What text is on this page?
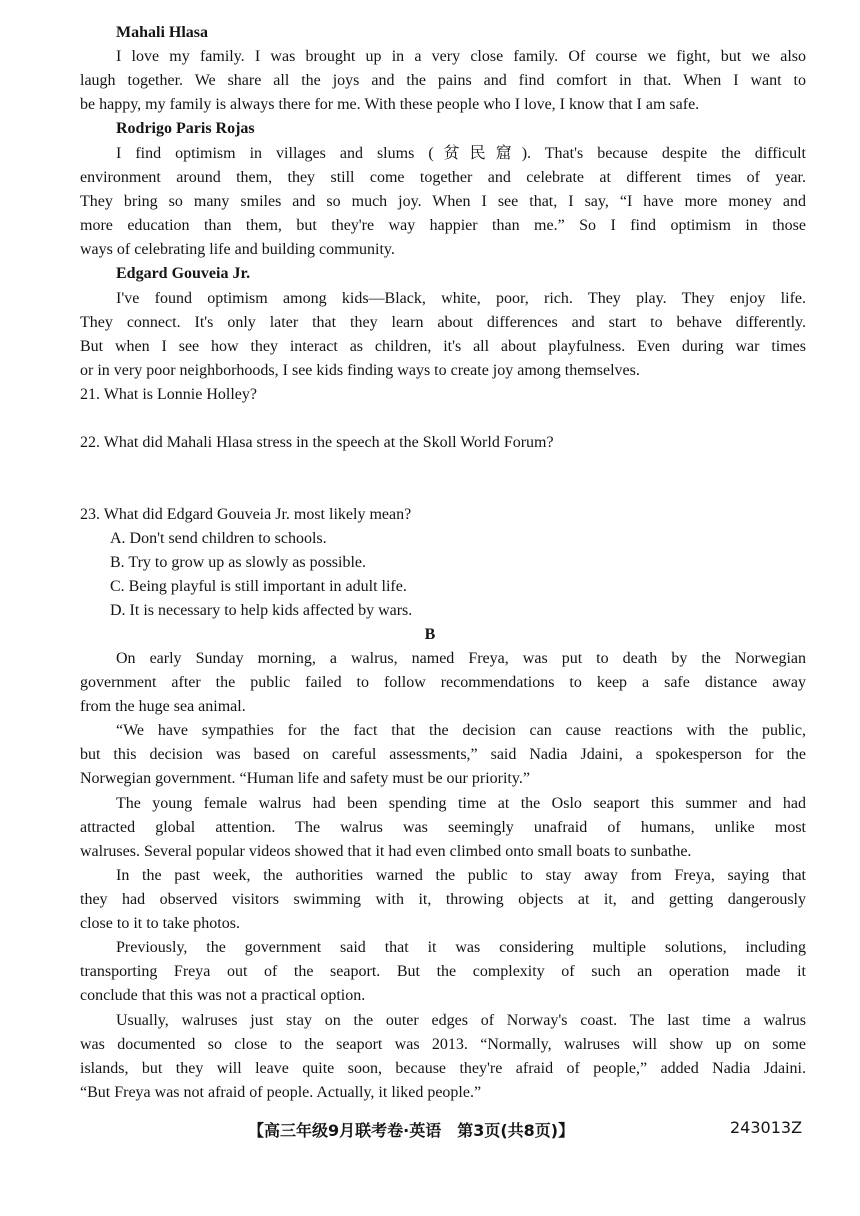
Mahali Hlasa
I love my family. I was brought up in a very close family. Of course we fight, but we also
laugh together. We share all the joys and the pains and find comfort in that. When I want to
be happy, my family is always there for me. With these people who I love, I know that I am safe.
Rodrigo Paris Rojas
I find optimism in villages and slums (贫民窟). That's because despite the difficult
environment around them, they still come together and celebrate at different times of year.
They bring so many smiles and so much joy. When I see that, I say, “I have more money and
more education than them, but they're way happier than me.” So I find optimism in those
ways of celebrating life and building community.
Edgard Gouveia Jr.
I've found optimism among kids—Black, white, poor, rich. They play. They enjoy life.
They connect. It's only later that they learn about differences and start to behave differently.
But when I see how they interact as children, it's all about playfulness. Even during war times
or in very poor neighborhoods, I see kids finding ways to create joy among themselves.
21. What is Lonnie Holley?
22. What did Mahali Hlasa stress in the speech at the Skoll World Forum?
23. What did Edgard Gouveia Jr. most likely mean?
A. Don't send children to schools.
B. Try to grow up as slowly as possible.
C. Being playful is still important in adult life.
D. It is necessary to help kids affected by wars.
B
On early Sunday morning, a walrus, named Freya, was put to death by the Norwegian
government after the public failed to follow recommendations to keep a safe distance away
from the huge sea animal.
“We have sympathies for the fact that the decision can cause reactions with the public,
but this decision was based on careful assessments,” said Nadia Jdaini, a spokesperson for the
Norwegian government. “Human life and safety must be our priority.”
The young female walrus had been spending time at the Oslo seaport this summer and had
attracted global attention. The walrus was seemingly unafraid of humans, unlike most
walruses. Several popular videos showed that it had even climbed onto small boats to sunbathe.
In the past week, the authorities warned the public to stay away from Freya, saying that
they had observed visitors swimming with it, throwing objects at it, and getting dangerously
close to it to take photos.
Previously, the government said that it was considering multiple solutions, including
transporting Freya out of the seaport. But the complexity of such an operation made it
conclude that this was not a practical option.
Usually, walruses just stay on the outer edges of Norway's coast. The last time a walrus
was documented so close to the seaport was 2013. “Normally, walruses will show up on some
islands, but they will leave quite soon, because they're afraid of people,” added Nadia Jdaini.
“But Freya was not afraid of people. Actually, it liked people.”
【高三年级9月联考卷·英语　第3页(共8页)】	243013Z
